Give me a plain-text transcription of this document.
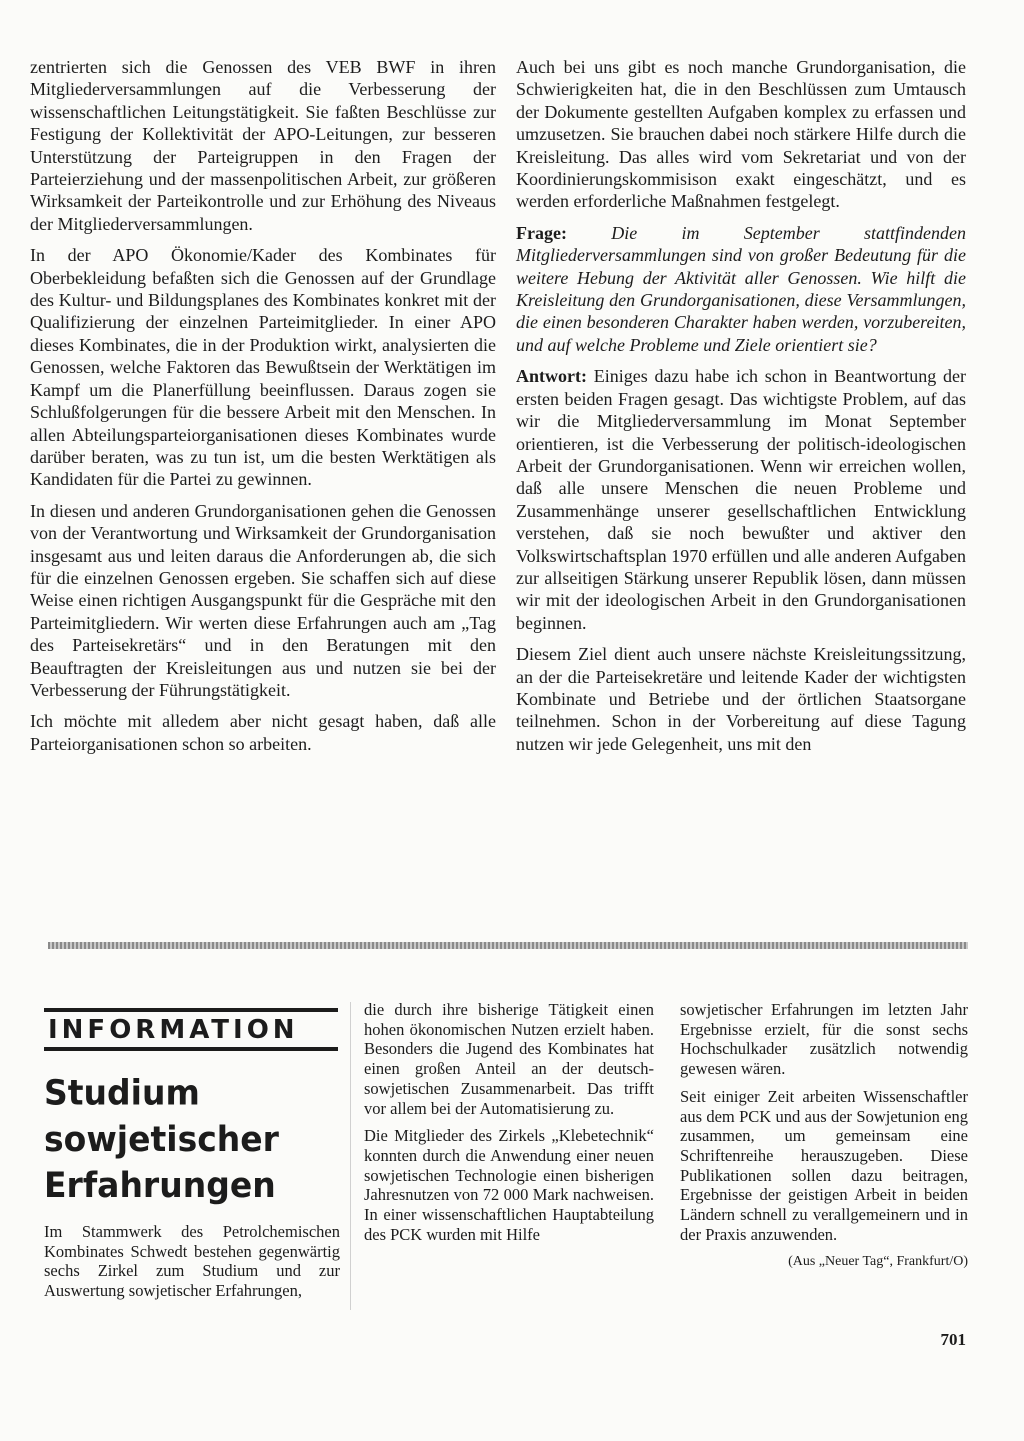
zentrierten sich die Genossen des VEB BWF in ihren Mitgliederversammlungen auf die Verbesserung der wissenschaftlichen Leitungstätigkeit. Sie faßten Beschlüsse zur Festigung der Kollektivität der APO-Leitungen, zur besseren Unterstützung der Parteigruppen in den Fragen der Parteierziehung und der massenpolitischen Arbeit, zur größeren Wirksamkeit der Parteikontrolle und zur Erhöhung des Niveaus der Mitgliederversammlungen.

In der APO Ökonomie/Kader des Kombinates für Oberbekleidung befaßten sich die Genossen auf der Grundlage des Kultur- und Bildungsplanes des Kombinates konkret mit der Qualifizierung der einzelnen Parteimitglieder. In einer APO dieses Kombinates, die in der Produktion wirkt, analysierten die Genossen, welche Faktoren das Bewußtsein der Werktätigen im Kampf um die Planerfüllung beeinflussen. Daraus zogen sie Schlußfolgerungen für die bessere Arbeit mit den Menschen. In allen Abteilungsparteiorganisationen dieses Kombinates wurde darüber beraten, was zu tun ist, um die besten Werktätigen als Kandidaten für die Partei zu gewinnen.

In diesen und anderen Grundorganisationen gehen die Genossen von der Verantwortung und Wirksamkeit der Grundorganisation insgesamt aus und leiten daraus die Anforderungen ab, die sich für die einzelnen Genossen ergeben. Sie schaffen sich auf diese Weise einen richtigen Ausgangspunkt für die Gespräche mit den Parteimitgliedern. Wir werten diese Erfahrungen auch am „Tag des Parteisekretärs“ und in den Beratungen mit den Beauftragten der Kreisleitungen aus und nutzen sie bei der Verbesserung der Führungstätigkeit.

Ich möchte mit alledem aber nicht gesagt haben, daß alle Parteiorganisationen schon so arbeiten.

Auch bei uns gibt es noch manche Grundorganisation, die Schwierigkeiten hat, die in den Beschlüssen zum Umtausch der Dokumente gestellten Aufgaben komplex zu erfassen und umzusetzen. Sie brauchen dabei noch stärkere Hilfe durch die Kreisleitung. Das alles wird vom Sekretariat und von der Koordinierungskommisison exakt eingeschätzt, und es werden erforderliche Maßnahmen festgelegt.

Frage: Die im September stattfindenden Mitgliederversammlungen sind von großer Bedeutung für die weitere Hebung der Aktivität aller Genossen. Wie hilft die Kreisleitung den Grundorganisationen, diese Versammlungen, die einen besonderen Charakter haben werden, vorzubereiten, und auf welche Probleme und Ziele orientiert sie?

Antwort: Einiges dazu habe ich schon in Beantwortung der ersten beiden Fragen gesagt. Das wichtigste Problem, auf das wir die Mitgliederversammlung im Monat September orientieren, ist die Verbesserung der politisch-ideologischen Arbeit der Grundorganisationen. Wenn wir erreichen wollen, daß alle unsere Menschen die neuen Probleme und Zusammenhänge unserer gesellschaftlichen Entwicklung verstehen, daß sie noch bewußter und aktiver den Volkswirtschaftsplan 1970 erfüllen und alle anderen Aufgaben zur allseitigen Stärkung unserer Republik lösen, dann müssen wir mit der ideologischen Arbeit in den Grundorganisationen beginnen.

Diesem Ziel dient auch unsere nächste Kreisleitungssitzung, an der die Parteisekretäre und leitende Kader der wichtigsten Kombinate und Betriebe und der örtlichen Staatsorgane teilnehmen. Schon in der Vorbereitung auf diese Tagung nutzen wir jede Gelegenheit, uns mit den

INFORMATION
Studium
sowjetischer
Erfahrungen

Im Stammwerk des Petrolchemischen Kombinates Schwedt bestehen gegenwärtig sechs Zirkel zum Studium und zur Auswertung sowjetischer Erfahrungen,

die durch ihre bisherige Tätigkeit einen hohen ökonomischen Nutzen erzielt haben. Besonders die Jugend des Kombinates hat einen großen Anteil an der deutsch-sowjetischen Zusammenarbeit. Das trifft vor allem bei der Automatisierung zu.

Die Mitglieder des Zirkels „Klebetechnik“ konnten durch die Anwendung einer neuen sowjetischen Technologie einen bisherigen Jahresnutzen von 72 000 Mark nachweisen. In einer wissenschaftlichen Hauptabteilung des PCK wurden mit Hilfe

sowjetischer Erfahrungen im letzten Jahr Ergebnisse erzielt, für die sonst sechs Hochschulkader zusätzlich notwendig gewesen wären.

Seit einiger Zeit arbeiten Wissenschaftler aus dem PCK und aus der Sowjetunion eng zusammen, um gemeinsam eine Schriftenreihe herauszugeben. Diese Publikationen sollen dazu beitragen, Ergebnisse der geistigen Arbeit in beiden Ländern schnell zu verallgemeinern und in der Praxis anzuwenden.

(Aus „Neuer Tag“, Frankfurt/O)

701
